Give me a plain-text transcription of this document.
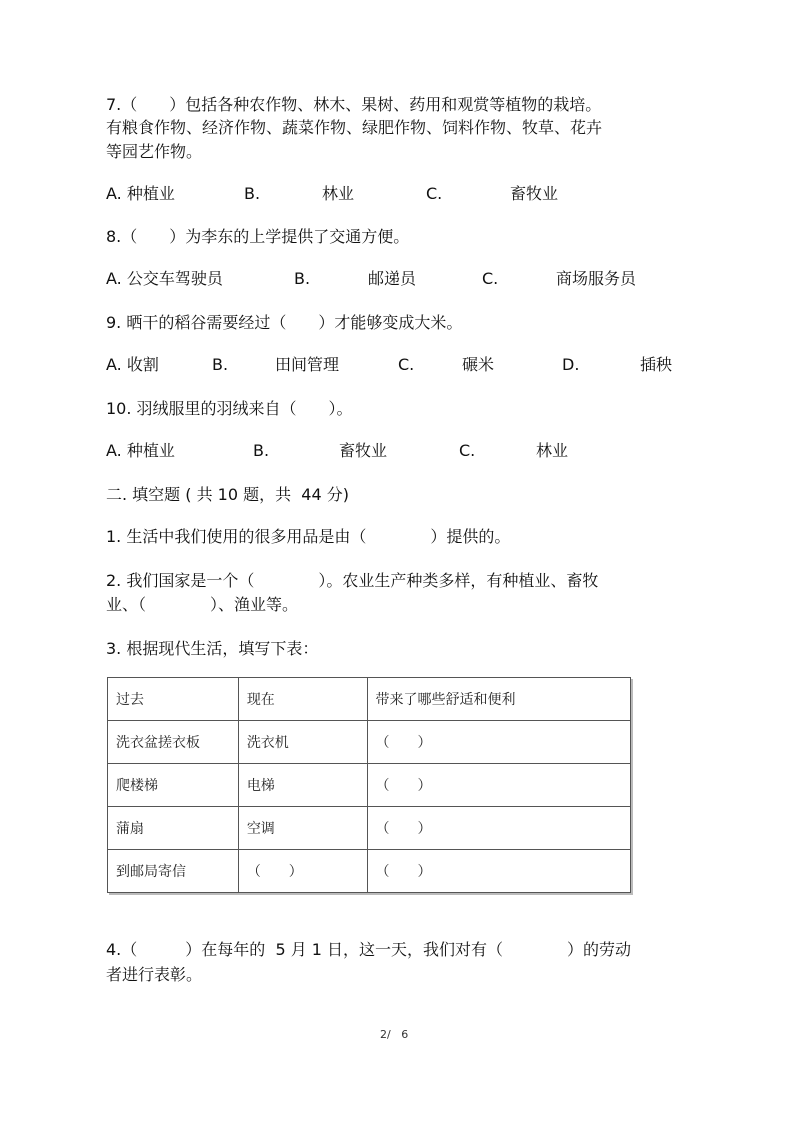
7.（　　）包括各种农作物、林木、果树、药用和观赏等植物的栽培。
有粮食作物、经济作物、蔬菜作物、绿肥作物、饲料作物、牧草、花卉
等园艺作物。
A. 种植业	B.	林业	C.	畜牧业
8.（　　）为李东的上学提供了交通方便。
A. 公交车驾驶员	B.	邮递员	C.	商场服务员
9. 晒干的稻谷需要经过（　　）才能够变成大米。
A. 收割	B.	田间管理	C.	碾米	D.	插秧
10. 羽绒服里的羽绒来自（　　）。
A. 种植业	B.	畜牧业	C.	林业
二. 填空题 ( 共 10 题，共  44 分)
1. 生活中我们使用的很多用品是由（　　　　）提供的。
2. 我们国家是一个（　　　　）。农业生产种类多样，有种植业、畜牧
业、（　　　　）、渔业等。
3. 根据现代生活，填写下表：
过去	现在	带来了哪些舒适和便利
洗衣盆搓衣板	洗衣机	（　　）
爬楼梯	电梯	（　　）
蒲扇	空调	（　　）
到邮局寄信	（　　）	（　　）
4.（　　　）在每年的  5 月 1 日，这一天，我们对有（　　　　）的劳动
者进行表彰。
2/   6
